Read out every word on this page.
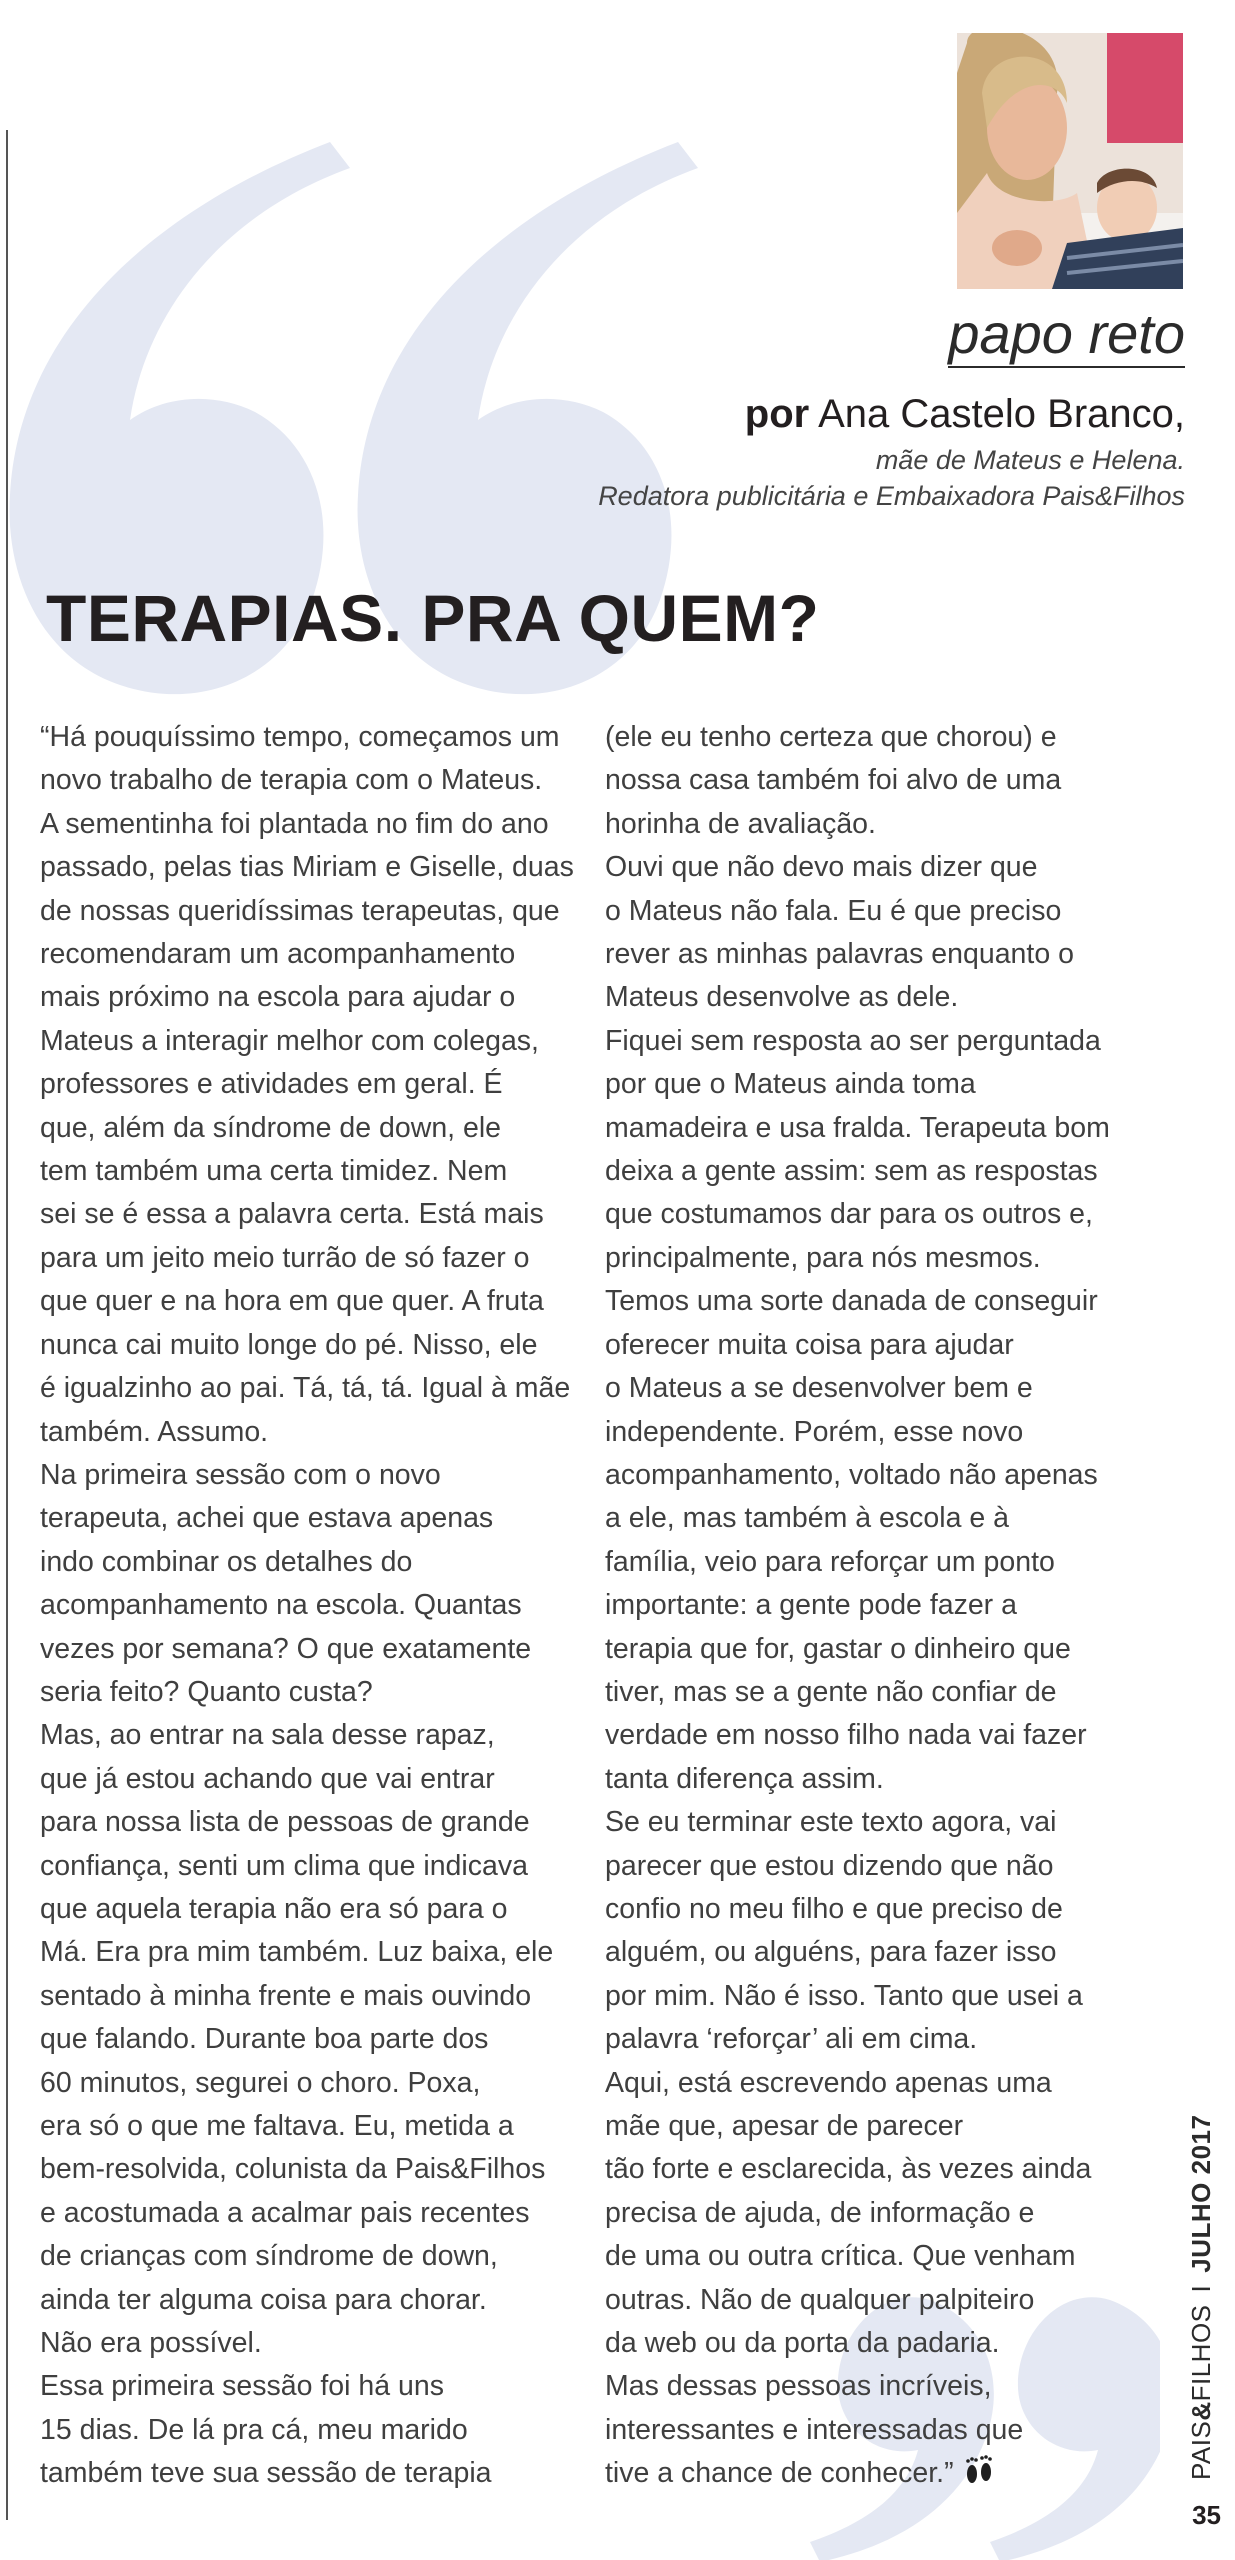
papo reto

por Ana Castelo Branco,

mãe de Mateus e Helena.
Redatora publicitária e Embaixadora Pais&Filhos
TERAPIAS. PRA QUEM?
“Há pouquíssimo tempo, começamos um
novo trabalho de terapia com o Mateus.
A sementinha foi plantada no fim do ano
passado, pelas tias Miriam e Giselle, duas
de nossas queridíssimas terapeutas, que
recomendaram um acompanhamento
mais próximo na escola para ajudar o
Mateus a interagir melhor com colegas,
professores e atividades em geral. É
que, além da síndrome de down, ele
tem também uma certa timidez. Nem
sei se é essa a palavra certa. Está mais
para um jeito meio turrão de só fazer o
que quer e na hora em que quer. A fruta
nunca cai muito longe do pé. Nisso, ele
é igualzinho ao pai. Tá, tá, tá. Igual à mãe
também. Assumo.
Na primeira sessão com o novo
terapeuta, achei que estava apenas
indo combinar os detalhes do
acompanhamento na escola. Quantas
vezes por semana? O que exatamente
seria feito? Quanto custa?
Mas, ao entrar na sala desse rapaz,
que já estou achando que vai entrar
para nossa lista de pessoas de grande
confiança, senti um clima que indicava
que aquela terapia não era só para o
Má. Era pra mim também. Luz baixa, ele
sentado à minha frente e mais ouvindo
que falando. Durante boa parte dos
60 minutos, segurei o choro. Poxa,
era só o que me faltava. Eu, metida a
bem-resolvida, colunista da Pais&Filhos
e acostumada a acalmar pais recentes
de crianças com síndrome de down,
ainda ter alguma coisa para chorar.
Não era possível.
Essa primeira sessão foi há uns
15 dias. De lá pra cá, meu marido
também teve sua sessão de terapia
(ele eu tenho certeza que chorou) e
nossa casa também foi alvo de uma
horinha de avaliação.
Ouvi que não devo mais dizer que
o Mateus não fala. Eu é que preciso
rever as minhas palavras enquanto o
Mateus desenvolve as dele.
Fiquei sem resposta ao ser perguntada
por que o Mateus ainda toma
mamadeira e usa fralda. Terapeuta bom
deixa a gente assim: sem as respostas
que costumamos dar para os outros e,
principalmente, para nós mesmos.
Temos uma sorte danada de conseguir
oferecer muita coisa para ajudar
o Mateus a se desenvolver bem e
independente. Porém, esse novo
acompanhamento, voltado não apenas
a ele, mas também à escola e à
família, veio para reforçar um ponto
importante: a gente pode fazer a
terapia que for, gastar o dinheiro que
tiver, mas se a gente não confiar de
verdade em nosso filho nada vai fazer
tanta diferença assim.
Se eu terminar este texto agora, vai
parecer que estou dizendo que não
confio no meu filho e que preciso de
alguém, ou alguéns, para fazer isso
por mim. Não é isso. Tanto que usei a
palavra ‘reforçar’ ali em cima.
Aqui, está escrevendo apenas uma
mãe que, apesar de parecer
tão forte e esclarecida, às vezes ainda
precisa de ajuda, de informação e
de uma ou outra crítica. Que venham
outras. Não de qualquer palpiteiro
da web ou da porta da padaria.
Mas dessas pessoas incríveis,
interessantes e interessadas que
tive a chance de conhecer.”	PAIS&FILHOSIJULHO 2017
35
